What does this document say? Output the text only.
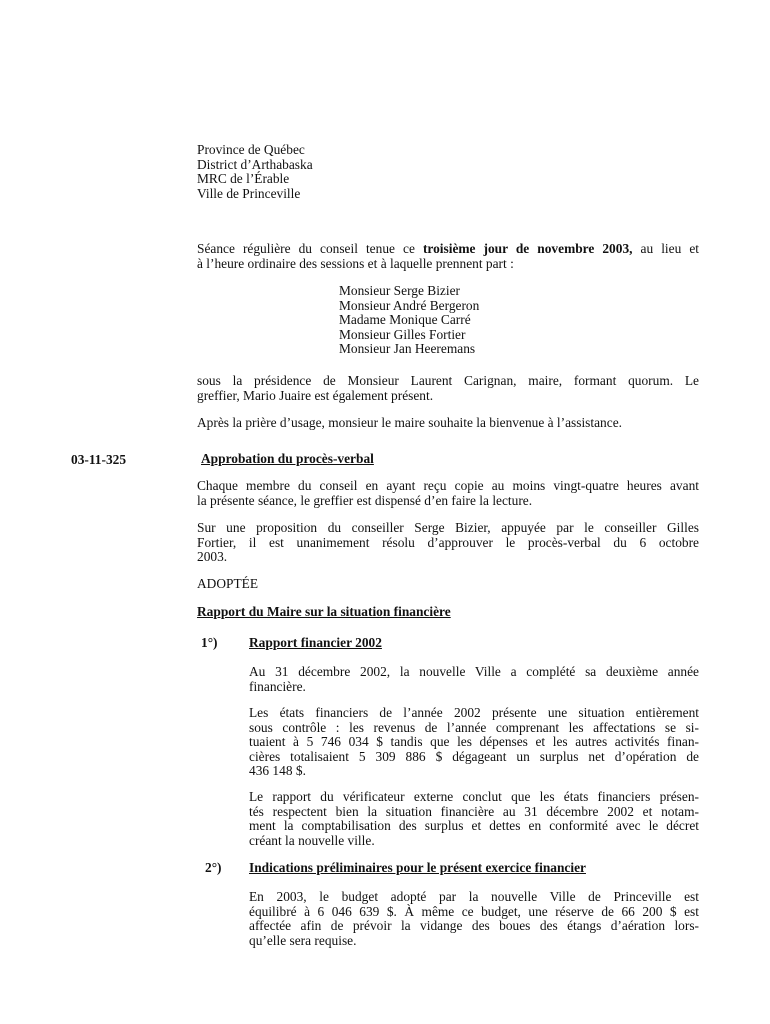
Province de Québec
District d’Arthabaska
MRC de l’Érable
Ville de Princeville
Séance régulière du conseil tenue ce troisième jour de novembre 2003, au lieu et
à l’heure ordinaire des sessions et à laquelle prennent part :
Monsieur Serge Bizier
Monsieur André Bergeron
Madame Monique Carré
Monsieur Gilles Fortier
Monsieur Jan Heeremans
sous la présidence de Monsieur Laurent Carignan, maire, formant quorum. Le
greffier, Mario Juaire est également présent.
Après la prière d’usage, monsieur le maire souhaite la bienvenue à l’assistance.
03-11-325	Approbation du procès-verbal
Chaque membre du conseil en ayant reçu copie au moins vingt-quatre heures avant
la présente séance, le greffier est dispensé d’en faire la lecture.
Sur une proposition du conseiller Serge Bizier, appuyée par le conseiller Gilles
Fortier, il est unanimement résolu d’approuver le procès-verbal du 6 octobre
2003.
ADOPTÉE
Rapport du Maire sur la situation financière
1°) Rapport financier 2002
Au 31 décembre 2002, la nouvelle Ville a complété sa deuxième année
financière.
Les états financiers de l’année 2002 présente une situation entièrement
sous contrôle : les revenus de l’année comprenant les affectations se si-
tuaient à 5 746 034 $ tandis que les dépenses et les autres activités finan-
cières totalisaient 5 309 886 $ dégageant un surplus net d’opération de
436 148 $.
Le rapport du vérificateur externe conclut que les états financiers présen-
tés respectent bien la situation financière au 31 décembre 2002 et notam-
ment la comptabilisation des surplus et dettes en conformité avec le décret
créant la nouvelle ville.
2°) Indications préliminaires pour le présent exercice financier
En 2003, le budget adopté par la nouvelle Ville de Princeville est
équilibré à 6 046 639 $. À même ce budget, une réserve de 66 200 $ est
affectée afin de prévoir la vidange des boues des étangs d’aération lors-
qu’elle sera requise.
